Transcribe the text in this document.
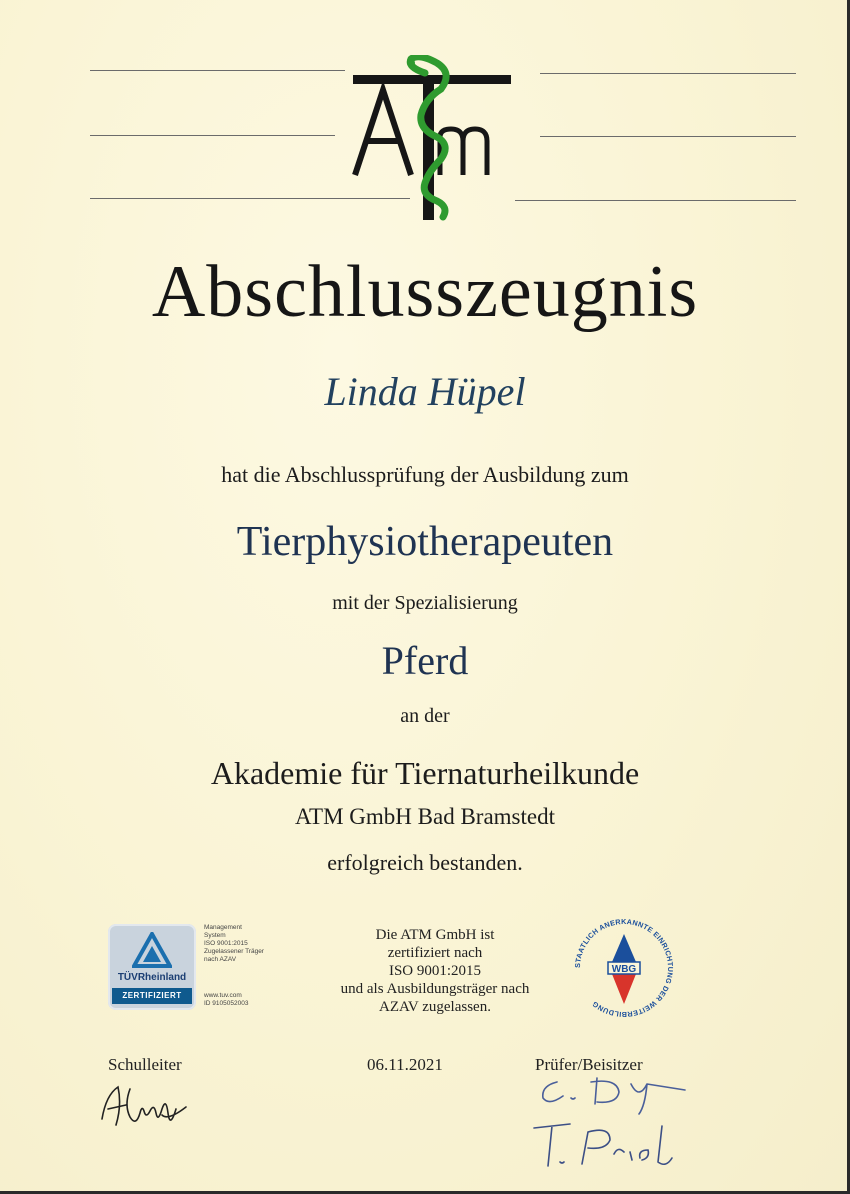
Abschlusszeugnis
Linda Hüpel
hat die Abschlussprüfung der Ausbildung zum
Tierphysiotherapeuten
mit der Spezialisierung
Pferd
an der
Akademie für Tiernaturheilkunde
ATM GmbH Bad Bramstedt
erfolgreich bestanden.
TÜVRheinland
ZERTIFIZIERT
Management
System
ISO 9001:2015
Zugelassener Träger
nach AZAV
www.tuv.com
ID 9105052003
Die ATM GmbH ist
zertifiziert nach
ISO 9001:2015
und als Ausbildungsträger nach
AZAV zugelassen.
STAATLICH ANERKANNTE EINRICHTUNG DER WEITERBILDUNG
WBG
Schulleiter	06.11.2021	Prüfer/Beisitzer
